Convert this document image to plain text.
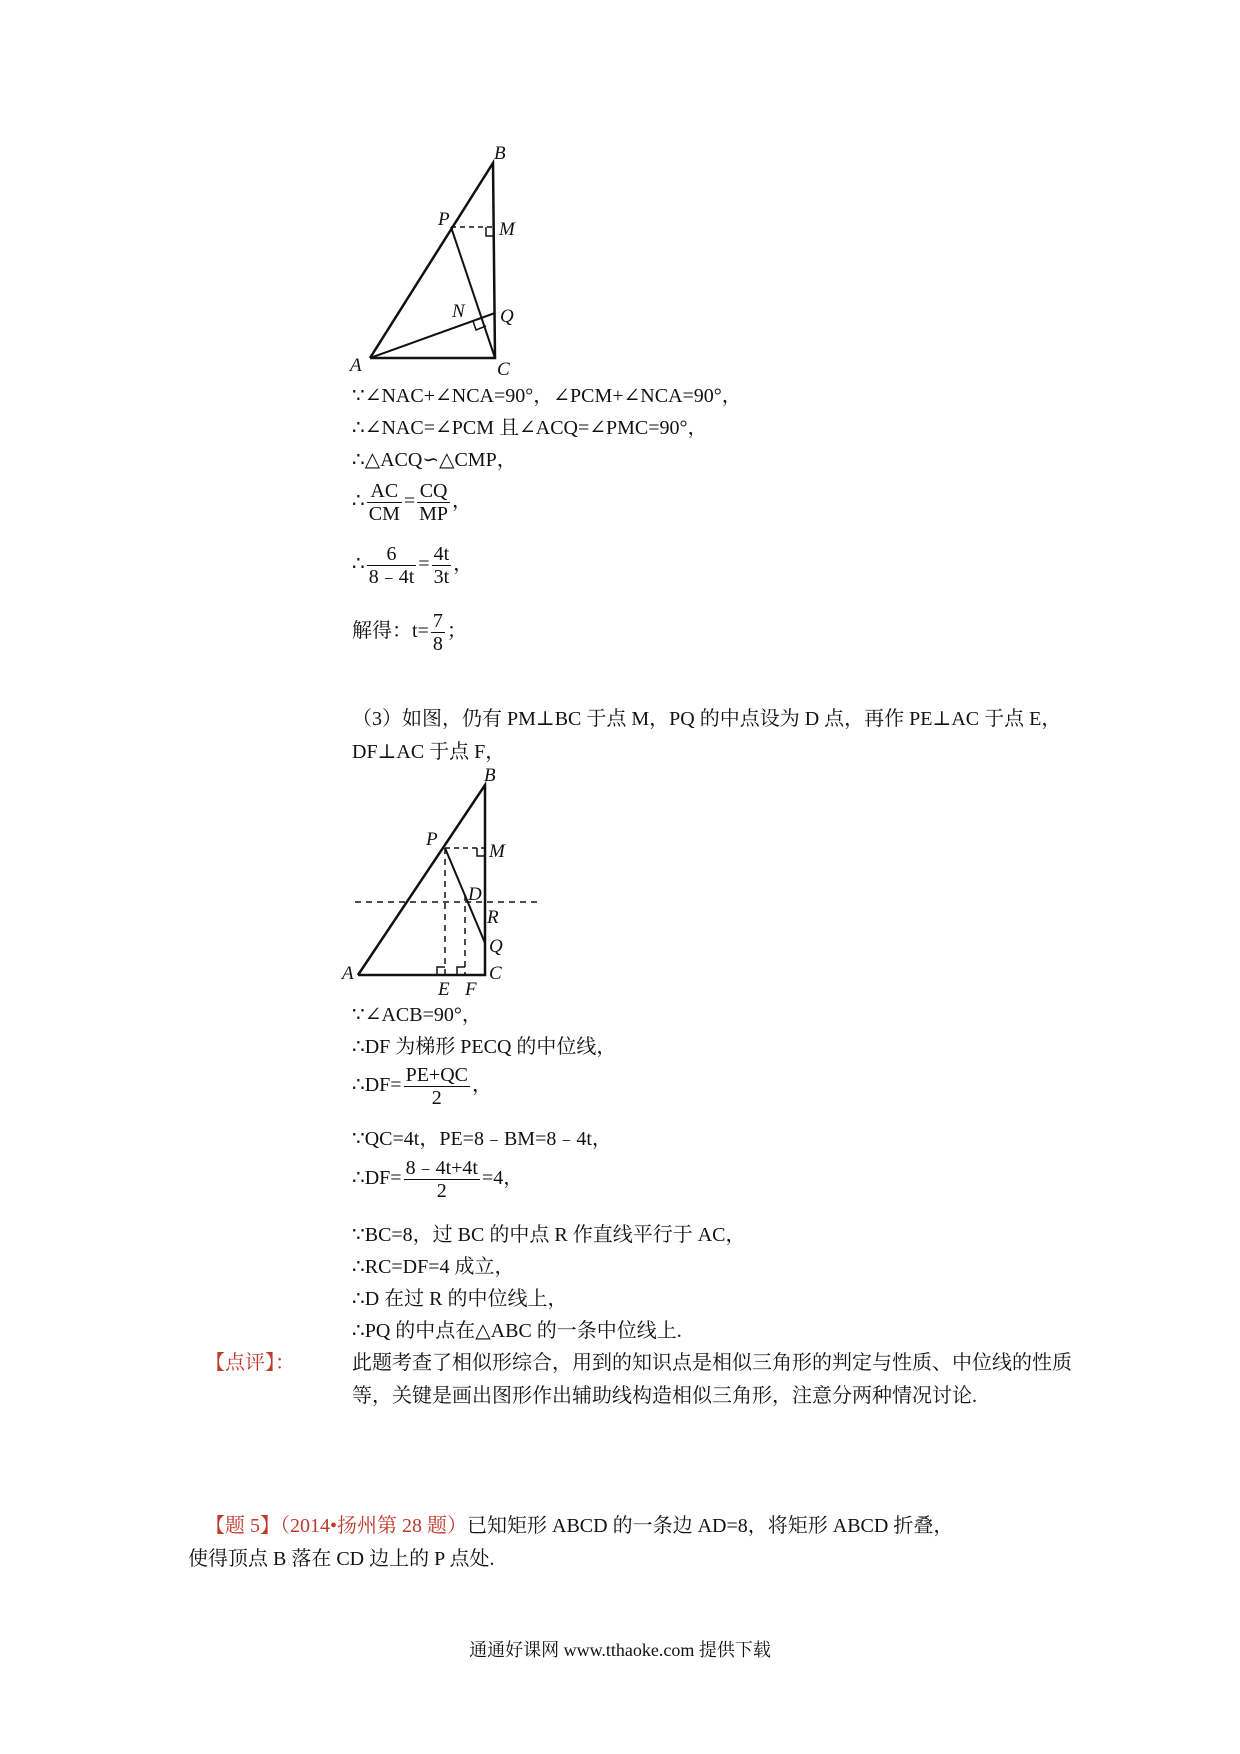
B
P	M
N Q
A	C
∵∠NAC+∠NCA=90°，∠PCM+∠NCA=90°，
∴∠NAC=∠PCM 且∠ACQ=∠PMC=90°，
∴△ACQ∽△CMP，
∴ $\frac{AC}{CM} = \frac{CQ}{MP}$ ，
∴ $\frac{6}{8﹣4t} = \frac{4t}{3t}$ ，
解得：$t= \frac{7}{8}$ ；
（3）如图，仍有 PM⊥BC 于点 M，PQ 的中点设为 D 点，再作 PE⊥AC 于点 E，DF⊥AC 于点 F，
B
P
M
D
R
Q
A	C
E F
∵∠ACB=90°，
∴DF 为梯形 PECQ 的中位线，
∴DF= $\frac{PE+QC}{2}$ ，
∵QC=4t，PE=8﹣BM=8﹣4t，
∴DF= $\frac{8﹣4t+4t}{2} =4$，
∵BC=8，过 BC 的中点 R 作直线平行于 AC，
∴RC=DF=4 成立，
∴D 在过 R 的中位线上，
∴PQ 的中点在△ABC 的一条中位线上.
【点评】：	此题考查了相似形综合，用到的知识点是相似三角形的判定与性质、中位线的性质等，关键是画出图形作出辅助线构造相似三角形，注意分两种情况讨论.
【题 5】（2014•扬州第 28 题）已知矩形 ABCD 的一条边 AD=8，将矩形 ABCD 折叠，
使得顶点 B 落在 CD 边上的 P 点处.
通通好课网 www.tthaoke.com 提供下载
